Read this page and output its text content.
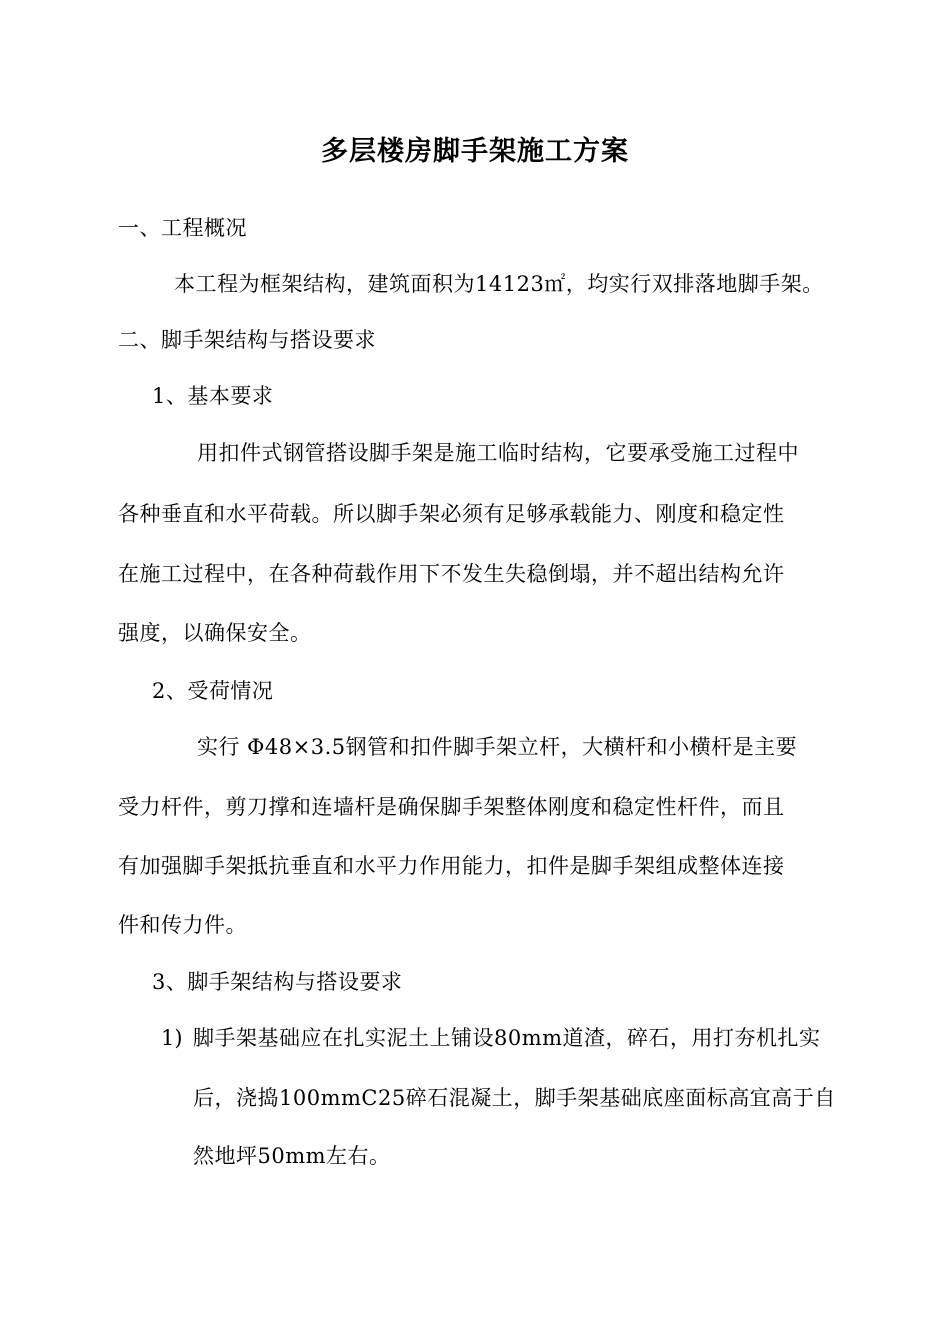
多层楼房脚手架施工方案
一、工程概况
本工程为框架结构，建筑面积为14123㎡，均实行双排落地脚手架。
二、脚手架结构与搭设要求
1、基本要求
用扣件式钢管搭设脚手架是施工临时结构，它要承受施工过程中
各种垂直和水平荷载。所以脚手架必须有足够承载能力、刚度和稳定性
在施工过程中，在各种荷载作用下不发生失稳倒塌，并不超出结构允许
强度，以确保安全。
2、受荷情况
实行 Φ48×3.5钢管和扣件脚手架立杆，大横杆和小横杆是主要
受力杆件，剪刀撑和连墙杆是确保脚手架整体刚度和稳定性杆件，而且
有加强脚手架抵抗垂直和水平力作用能力，扣件是脚手架组成整体连接
件和传力件。
3、脚手架结构与搭设要求
1) 脚手架基础应在扎实泥土上铺设80mm道渣，碎石，用打夯机扎实
后，浇捣100mmC25碎石混凝土，脚手架基础底座面标高宜高于自
然地坪50mm左右。
